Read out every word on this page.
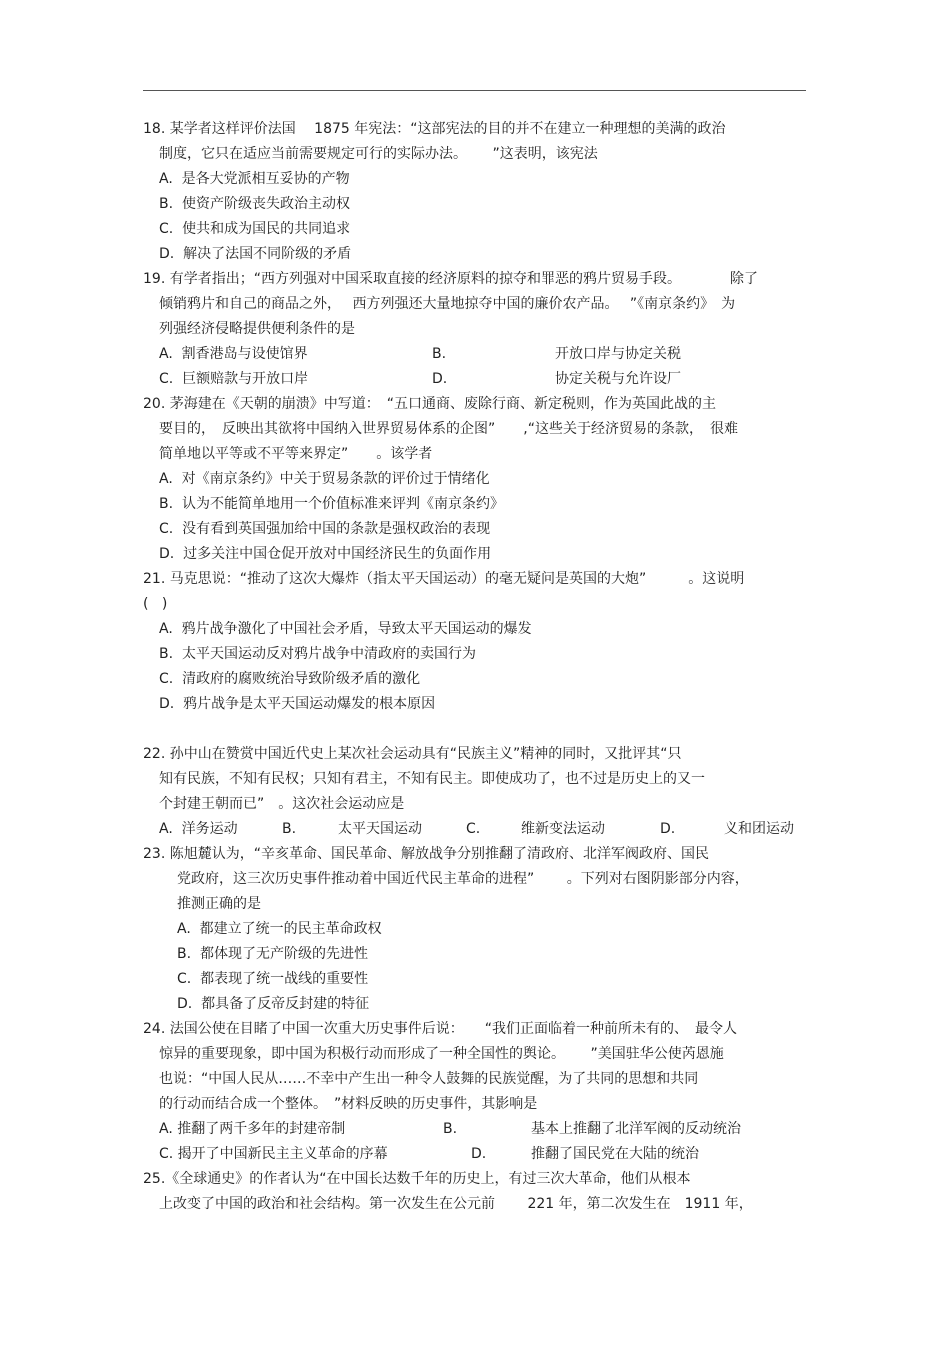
18. 某学者这样评价法国　 1875 年宪法：“这部宪法的目的并不在建立一种理想的美满的政治
制度，它只在适应当前需要规定可行的实际办法。　　 ”这表明，该宪法
A.  是各大党派相互妥协的产物
B.  使资产阶级丧失政治主动权
C.  使共和成为国民的共同追求
D.  解决了法国不同阶级的矛盾
19. 有学者指出；“西方列强对中国采取直接的经济原料的掠夺和罪恶的鸦片贸易手段。　　　　除了
倾销鸦片和自己的商品之外，　 西方列强还大量地掠夺中国的廉价农产品。　 ”《南京条约》　为
列强经济侵略提供便利条件的是
A.  割香港岛与设使馆界	B.	开放口岸与协定关税
C.  巨额赔款与开放口岸	D.	协定关税与允许设厂
20. 茅海建在《天朝的崩溃》中写道：　“五口通商、废除行商、新定税则，作为英国此战的主
要目的，　反映出其欲将中国纳入世界贸易体系的企图”　　,“这些关于经济贸易的条款，　很难
简单地以平等或不平等来界定”　　。该学者
A.  对《南京条约》中关于贸易条款的评价过于情绪化
B.  认为不能简单地用一个价值标准来评判《南京条约》
C.  没有看到英国强加给中国的条款是强权政治的表现
D.  过多关注中国仓促开放对中国经济民生的负面作用
21. 马克思说：“推动了这次大爆炸（指太平天国运动）的毫无疑问是英国的大炮”　　　。这说明
(   )
A.  鸦片战争激化了中国社会矛盾，导致太平天国运动的爆发
B.  太平天国运动反对鸦片战争中清政府的卖国行为
C.  清政府的腐败统治导致阶级矛盾的激化
D.  鸦片战争是太平天国运动爆发的根本原因
22. 孙中山在赞赏中国近代史上某次社会运动具有“民族主义”精神的同时，又批评其“只
知有民族，不知有民权；只知有君主，不知有民主。即使成功了，也不过是历史上的又一
个封建王朝而已”　。这次社会运动应是
A.  洋务运动	B.	太平天国运动	C.	维新变法运动	D.	义和团运动
23. 陈旭麓认为，“辛亥革命、国民革命、解放战争分别推翻了清政府、北洋军阀政府、国民
党政府，这三次历史事件推动着中国近代民主革命的进程”　　 。下列对右图阴影部分内容，
推测正确的是
A.  都建立了统一的民主革命政权
B.  都体现了无产阶级的先进性
C.  都表现了统一战线的重要性
D.  都具备了反帝反封建的特征
24. 法国公使在目睹了中国一次重大历史事件后说：　　“我们正面临着一种前所未有的、　最令人
惊异的重要现象，即中国为积极行动而形成了一种全国性的舆论。　　 ”美国驻华公使芮恩施
也说：“中国人民从……不幸中产生出一种令人鼓舞的民族觉醒，为了共同的思想和共同
的行动而结合成一个整体。　”材料反映的历史事件，其影响是
A. 推翻了两千多年的封建帝制	B.	基本上推翻了北洋军阀的反动统治
C. 揭开了中国新民主主义革命的序幕	D.	推翻了国民党在大陆的统治
25.《全球通史》的作者认为“在中国长达数千年的历史上，有过三次大革命，他们从根本
上改变了中国的政治和社会结构。第一次发生在公元前　　 221 年，第二次发生在　1911 年，
